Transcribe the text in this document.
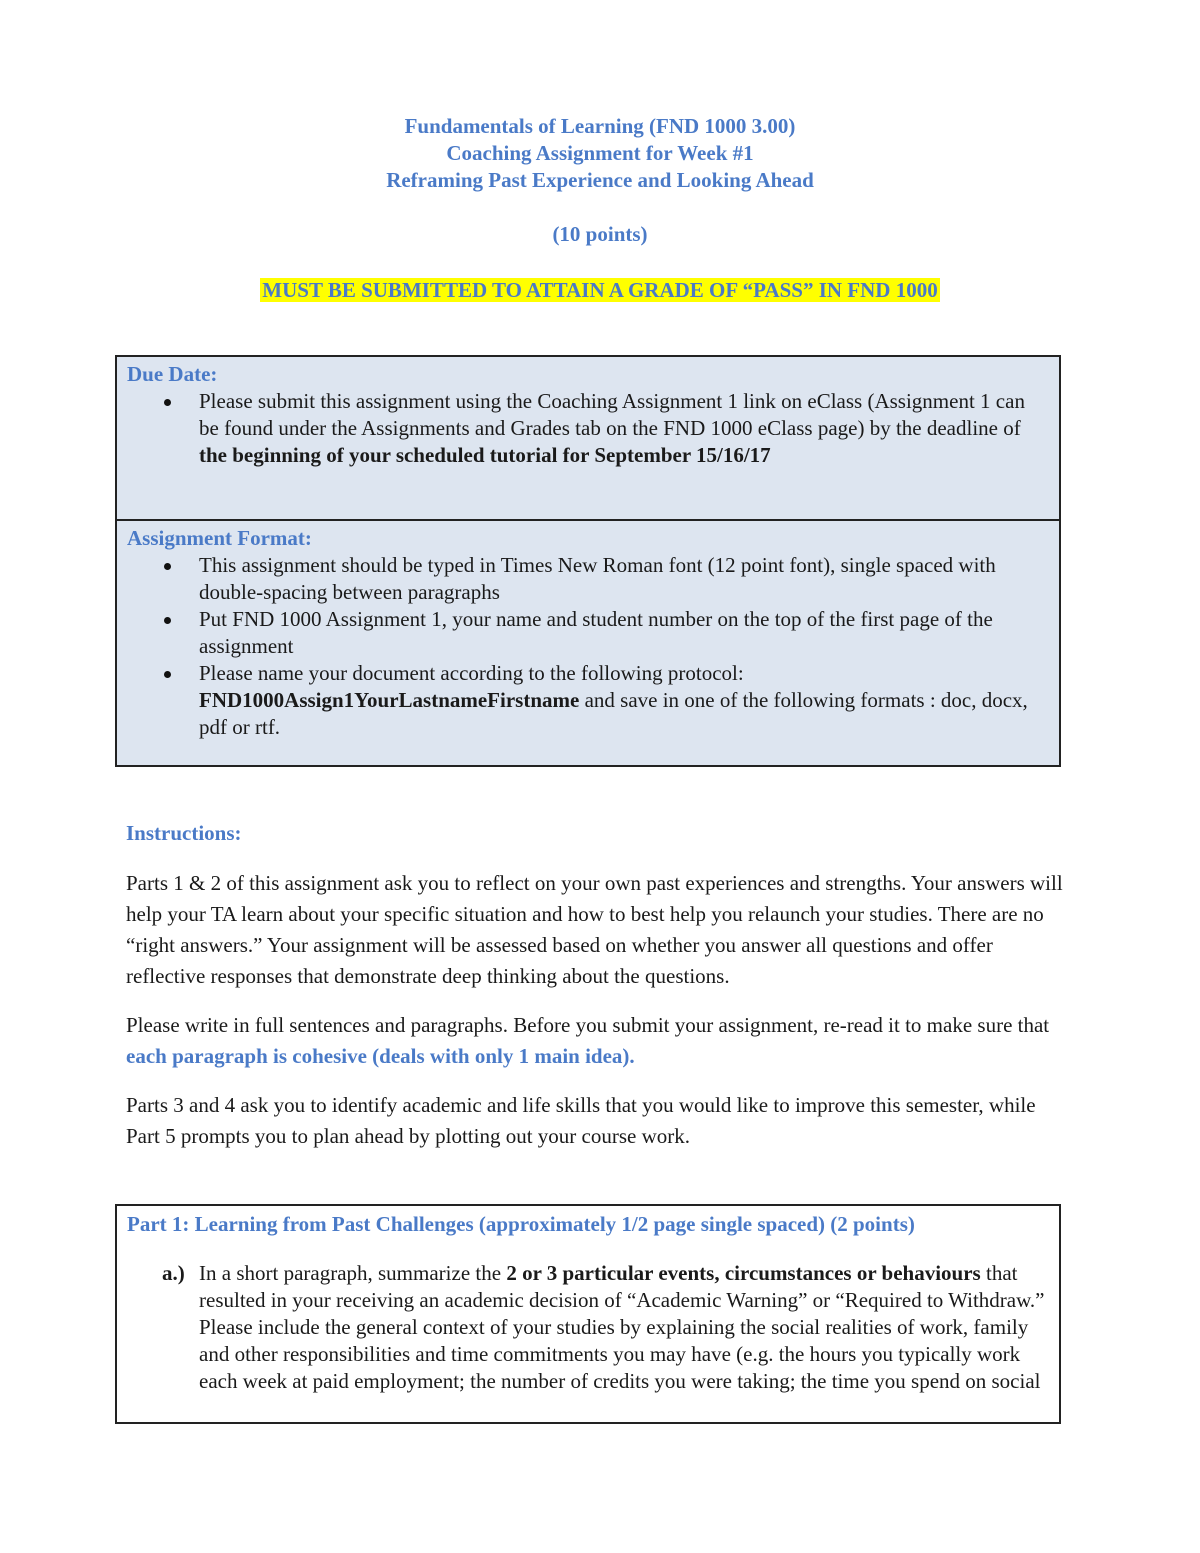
Fundamentals of Learning (FND 1000 3.00)
Coaching Assignment for Week #1
Reframing Past Experience and Looking Ahead
(10 points)
MUST BE SUBMITTED TO ATTAIN A GRADE OF “PASS” IN FND 1000
Due Date:
Please submit this assignment using the Coaching Assignment 1 link on eClass (Assignment 1 can be found under the Assignments and Grades tab on the FND 1000 eClass page) by the deadline of the beginning of your scheduled tutorial for September 15/16/17
Assignment Format:
This assignment should be typed in Times New Roman font (12 point font), single spaced with double-spacing between paragraphs
Put FND 1000 Assignment 1, your name and student number on the top of the first page of the assignment
Please name your document according to the following protocol: FND1000Assign1YourLastnameFirstname and save in one of the following formats : doc, docx, pdf or rtf.
Instructions:

Parts 1 & 2 of this assignment ask you to reflect on your own past experiences and strengths. Your answers will help your TA learn about your specific situation and how to best help you relaunch your studies. There are no “right answers.” Your assignment will be assessed based on whether you answer all questions and offer reflective responses that demonstrate deep thinking about the questions.

Please write in full sentences and paragraphs. Before you submit your assignment, re-read it to make sure that each paragraph is cohesive (deals with only 1 main idea).

Parts 3 and 4 ask you to identify academic and life skills that you would like to improve this semester, while Part 5 prompts you to plan ahead by plotting out your course work.

Part 1: Learning from Past Challenges (approximately 1/2 page single spaced) (2 points)
a.) In a short paragraph, summarize the 2 or 3 particular events, circumstances or behaviours that resulted in your receiving an academic decision of “Academic Warning” or “Required to Withdraw.” Please include the general context of your studies by explaining the social realities of work, family and other responsibilities and time commitments you may have (e.g. the hours you typically work each week at paid employment; the number of credits you were taking; the time you spend on social
